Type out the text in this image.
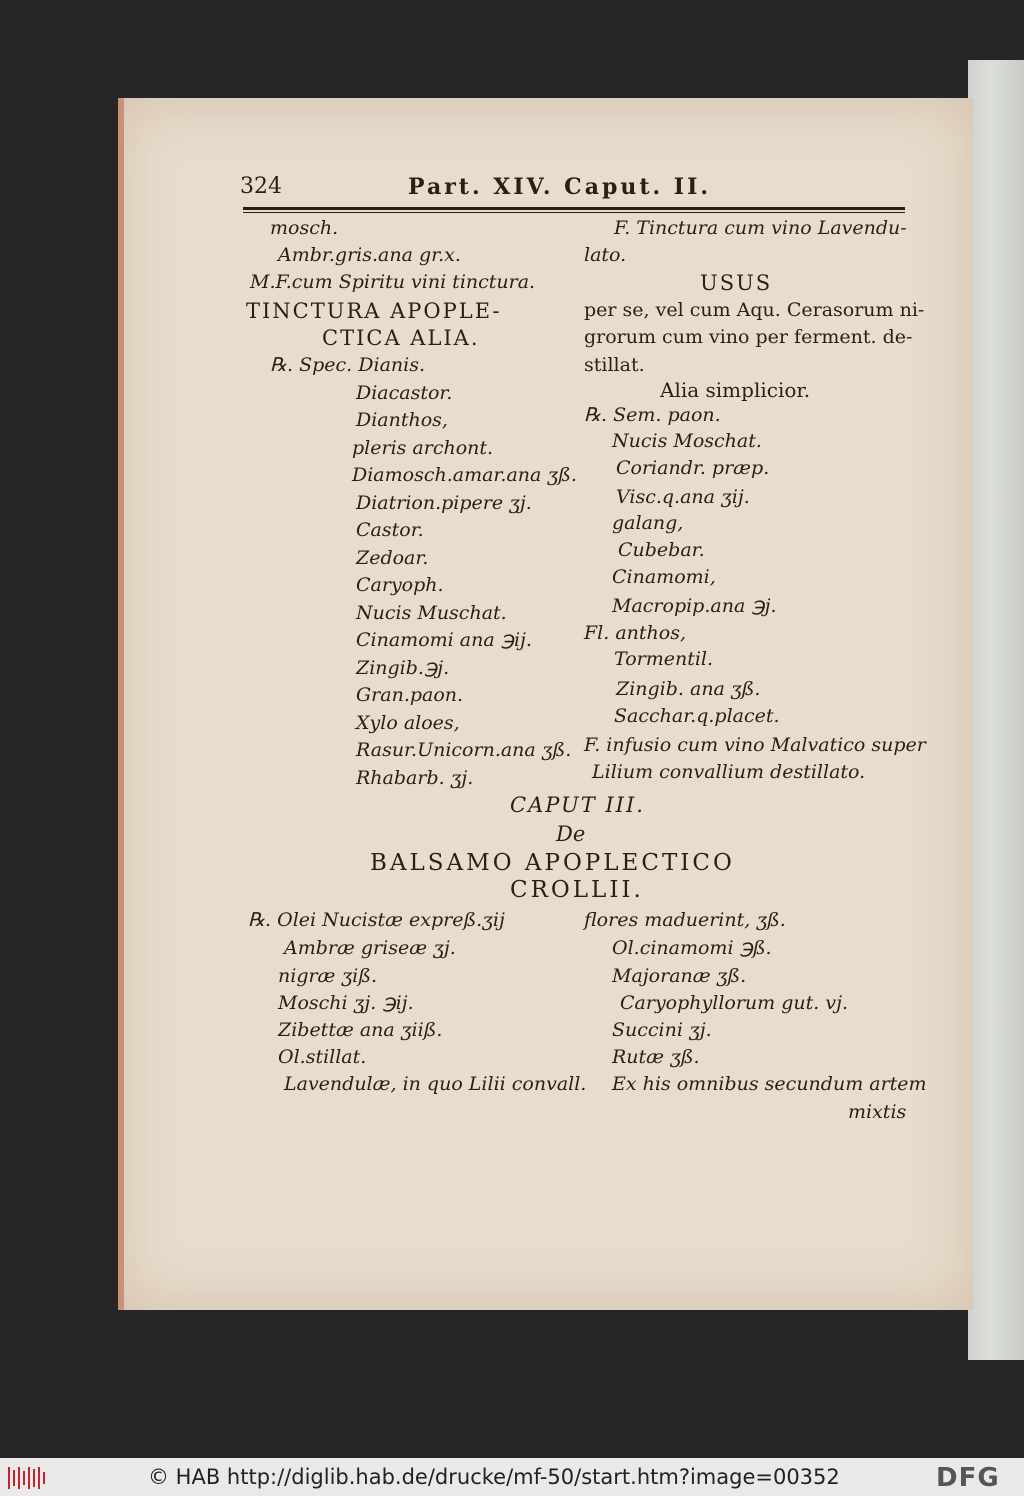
324	Part. XIV. Caput. II.
mosch.
Ambr.gris.ana gr.x.
M.F.cum Spiritu vini tinctura.
TINCTURA APOPLE-
CTICA ALIA.
℞. Spec. Dianis.
Diacastor.
Dianthos,
pleris archont.
Diamosch.amar.ana ʒß.
Diatrion.pipere ʒj.
Castor.
Zedoar.
Caryoph.
Nucis Muschat.
Cinamomi ana ℈ij.
Zingib.℈j.
Gran.paon.
Xylo aloes,
Rasur.Unicorn.ana ʒß.
Rhabarb. ʒj.
F. Tinctura cum vino Lavendu-
lato.
USUS
per se, vel cum Aqu. Cerasorum ni-
grorum cum vino per ferment. de-
stillat.
Alia simplicior.
℞. Sem. paon.
Nucis Moschat.
Coriandr. præp.
Visc.q.ana ʒij.
galang,
Cubebar.
Cinamomi,
Macropip.ana ℈j.
Fl. anthos,
Tormentil.
Zingib. ana ʒß.
Sacchar.q.placet.
F. infusio cum vino Malvatico super
Lilium convallium destillato.
CAPUT III.
De
BALSAMO APOPLECTICO
CROLLII.
℞. Olei Nucistæ expreß.ʒij
Ambræ griseæ ʒj.
nigræ ʒiß.
Moschi ʒj. ℈ij.
Zibettæ ana ʒiiß.
Ol.stillat.
Lavendulæ, in quo Lilii convall.
flores maduerint, ʒß.
Ol.cinamomi ℈ß.
Majoranæ ʒß.
Caryophyllorum gut. vj.
Succini ʒj.
Rutæ ʒß.
Ex his omnibus secundum artem
mixtis
© HAB http://diglib.hab.de/drucke/mf-50/start.htm?image=00352	DFG
